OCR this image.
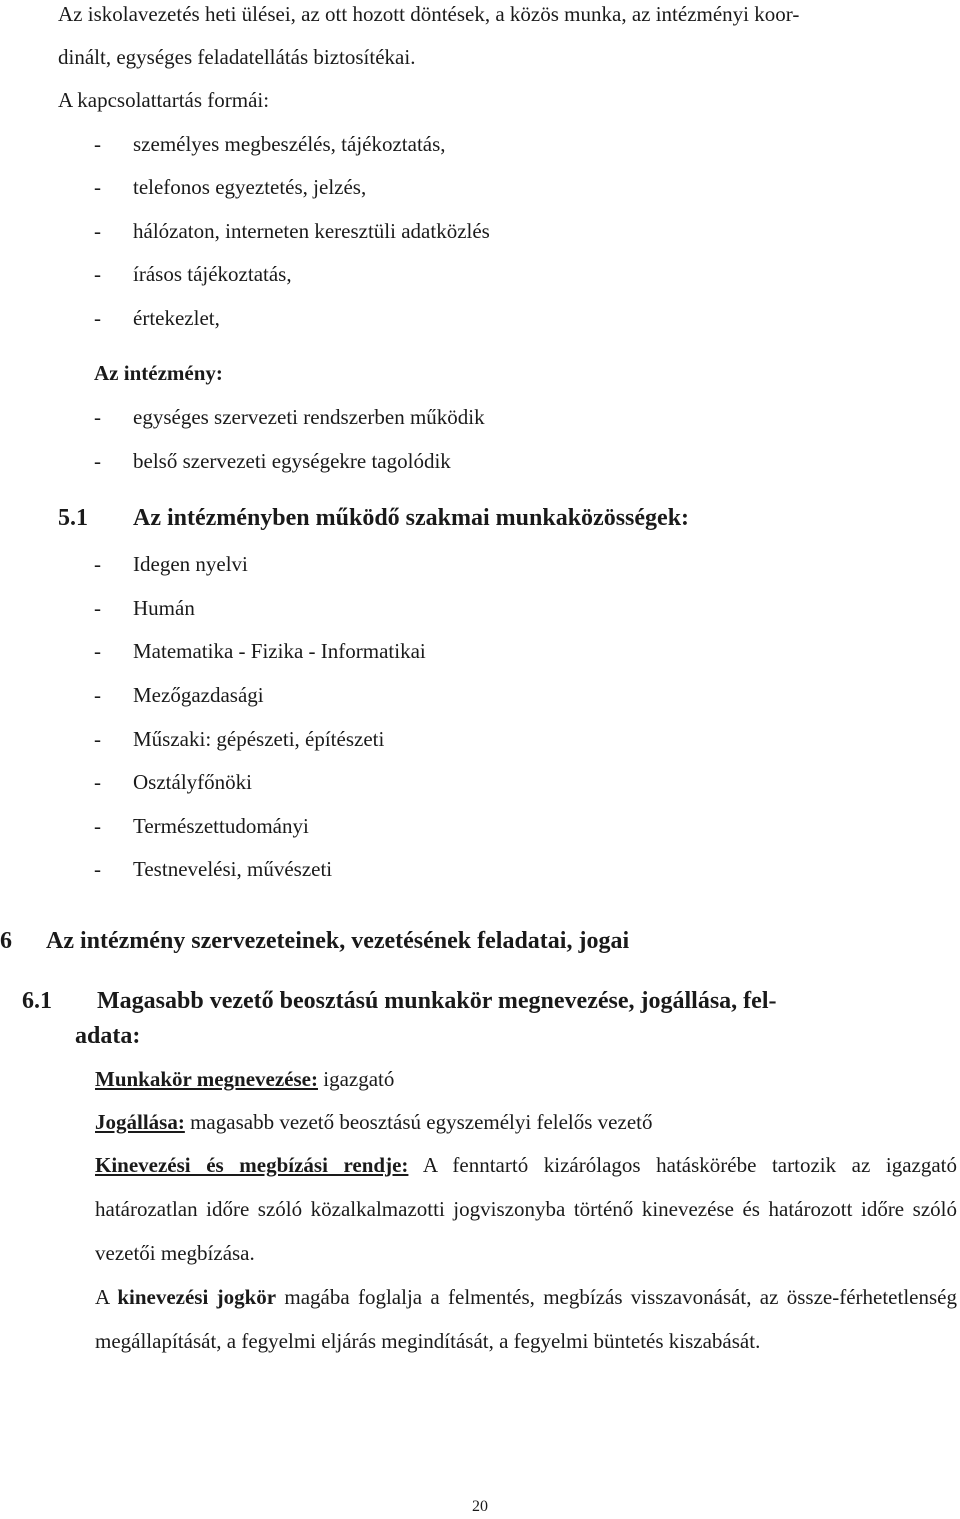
Az iskolavezetés heti ülései, az ott hozott döntések, a közös munka, az intézményi koor-
dinált, egységes feladatellátás biztosítékai.
A kapcsolattartás formái:
- személyes megbeszélés, tájékoztatás,
- telefonos egyeztetés, jelzés,
- hálózaton, interneten keresztüli adatközlés
- írásos tájékoztatás,
- értekezlet,
Az intézmény:
- egységes szervezeti rendszerben működik
- belső szervezeti egységekre tagolódik
5.1 Az intézményben működő szakmai munkaközösségek:
- Idegen nyelvi
- Humán
- Matematika - Fizika - Informatikai
- Mezőgazdasági
- Műszaki: gépészeti, építészeti
- Osztályfőnöki
- Természettudományi
- Testnevelési, művészeti
6 Az intézmény szervezeteinek, vezetésének feladatai, jogai
6.1 Magasabb vezető beosztású munkakör megnevezése, jogállása, fel-
adata:
Munkakör megnevezése: igazgató
Jogállása: magasabb vezető beosztású egyszemélyi felelős vezető
Kinevezési és megbízási rendje: A fenntartó kizárólagos hatáskörébe tartozik az igazgató határozatlan időre szóló közalkalmazotti jogviszonyba történő kinevezése és határozott időre szóló vezetői megbízása.
A kinevezési jogkör magába foglalja a felmentés, megbízás visszavonását, az össze-férhetetlenség megállapítását, a fegyelmi eljárás megindítását, a fegyelmi büntetés kiszabását.
20
